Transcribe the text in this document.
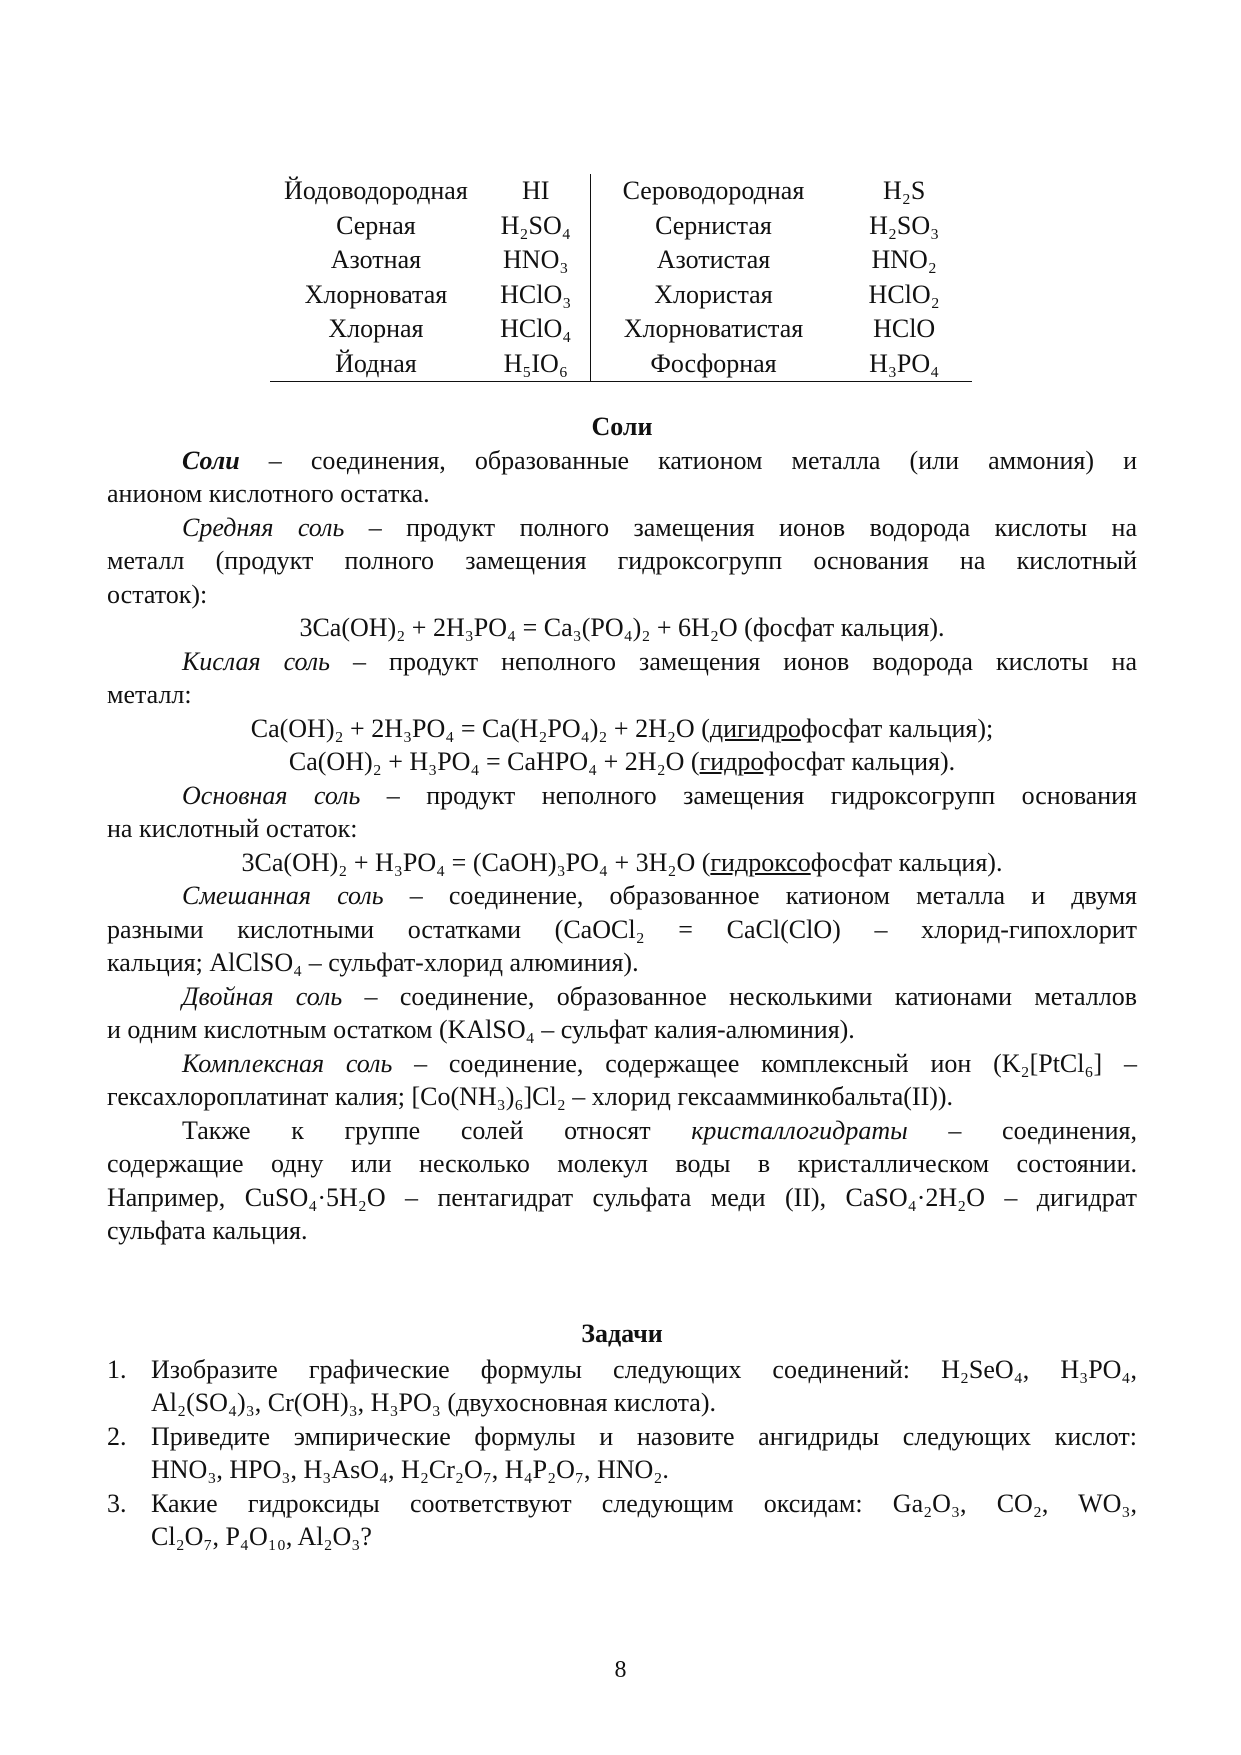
Йодоводородная	HI	Сероводородная	H₂S
Серная	H₂SO₄	Сернистая	H₂SO₃
Азотная	HNO₃	Азотистая	HNO₂
Хлорноватая	HClO₃	Хлористая	HClO₂
Хлорная	HClO₄	Хлорноватистая	HClO
Йодная	H₅IO₆	Фосфорная	H₃PO₄
Соли
Соли – соединения, образованные катионом металла (или аммония) и
анионом кислотного остатка.
Средняя соль – продукт полного замещения ионов водорода кислоты на
металл (продукт полного замещения гидроксогрупп основания на кислотный
остаток):
3Ca(OH)₂ + 2H₃PO₄ = Ca₃(PO₄)₂ + 6H₂O (фосфат кальция).
Кислая соль – продукт неполного замещения ионов водорода кислоты на
металл:
Ca(OH)₂ + 2H₃PO₄ = Ca(H₂PO₄)₂ + 2H₂O (дигидрофосфат кальция);
Ca(OH)₂ + H₃PO₄ = CaHPO₄ + 2H₂O (гидрофосфат кальция).
Основная соль – продукт неполного замещения гидроксогрупп основания
на кислотный остаток:
3Ca(OH)₂ + H₃PO₄ = (CaOH)₃PO₄ + 3H₂O (гидроксофосфат кальция).
Смешанная соль – соединение, образованное катионом металла и двумя
разными кислотными остатками (CaOCl₂ = CaCl(ClO) – хлорид-гипохлорит
кальция; AlClSO₄ – сульфат-хлорид алюминия).
Двойная соль – соединение, образованное несколькими катионами металлов
и одним кислотным остатком (KAlSO₄ – сульфат калия-алюминия).
Комплексная соль – соединение, содержащее комплексный ион (K₂[PtCl₆] –
гексахлороплатинат калия; [Co(NH₃)₆]Cl₂ – хлорид гексаамминкобальта(II)).
Также к группе солей относят кристаллогидраты – соединения,
содержащие одну или несколько молекул воды в кристаллическом состоянии.
Например, CuSO₄·5H₂O – пентагидрат сульфата меди (II), CaSO₄·2H₂O – дигидрат
сульфата кальция.
Задачи
1. Изобразите графические формулы следующих соединений: H₂SeO₄, H₃PO₄,
Al₂(SO₄)₃, Cr(OH)₃, H₃PO₃ (двухосновная кислота).
2. Приведите эмпирические формулы и назовите ангидриды следующих кислот:
HNO₃, HPO₃, H₃AsO₄, H₂Cr₂O₇, H₄P₂O₇, HNO₂.
3. Какие гидроксиды соответствуют следующим оксидам: Ga₂O₃, CO₂, WO₃,
Cl₂O₇, P₄O₁₀, Al₂O₃?
8
